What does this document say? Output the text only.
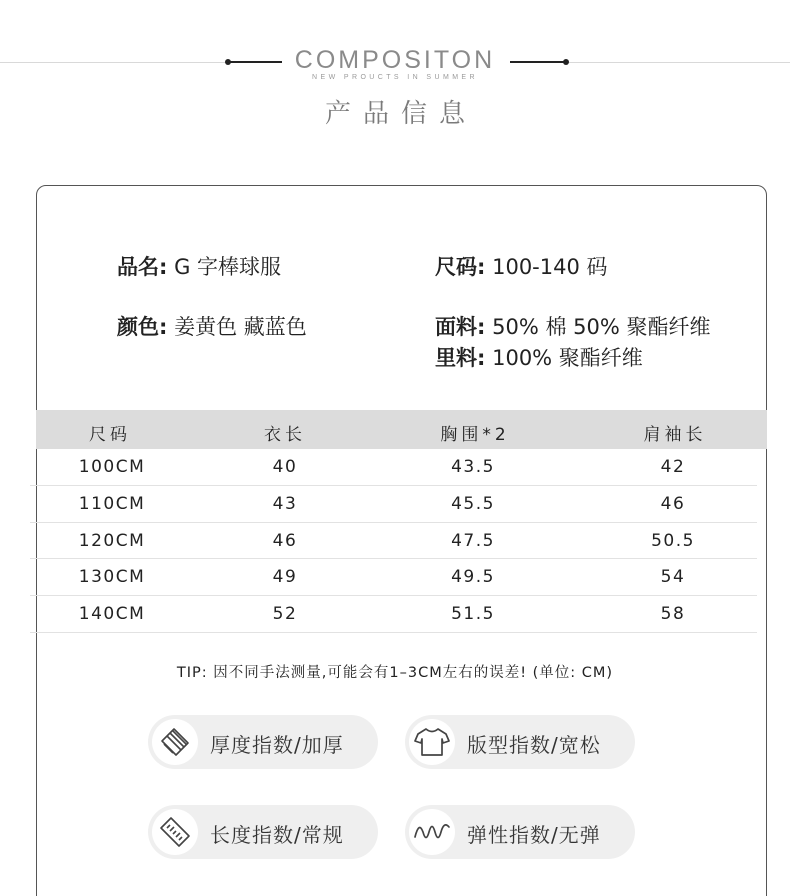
COMPOSITON
NEW PROUCTS IN SUMMER
产品信息
品名: G 字棒球服	尺码: 100-140 码
颜色: 姜黄色 藏蓝色	面料: 50% 棉 50% 聚酯纤维
里料: 100% 聚酯纤维
尺码	衣长	胸围*2	肩袖长
100CM	40	43.5	42
110CM	43	45.5	46
120CM	46	47.5	50.5
130CM	49	49.5	54
140CM	52	51.5	58
TIP: 因不同手法测量,可能会有1–3CM左右的误差! (单位: CM)
厚度指数/加厚	版型指数/宽松
长度指数/常规	弹性指数/无弹
